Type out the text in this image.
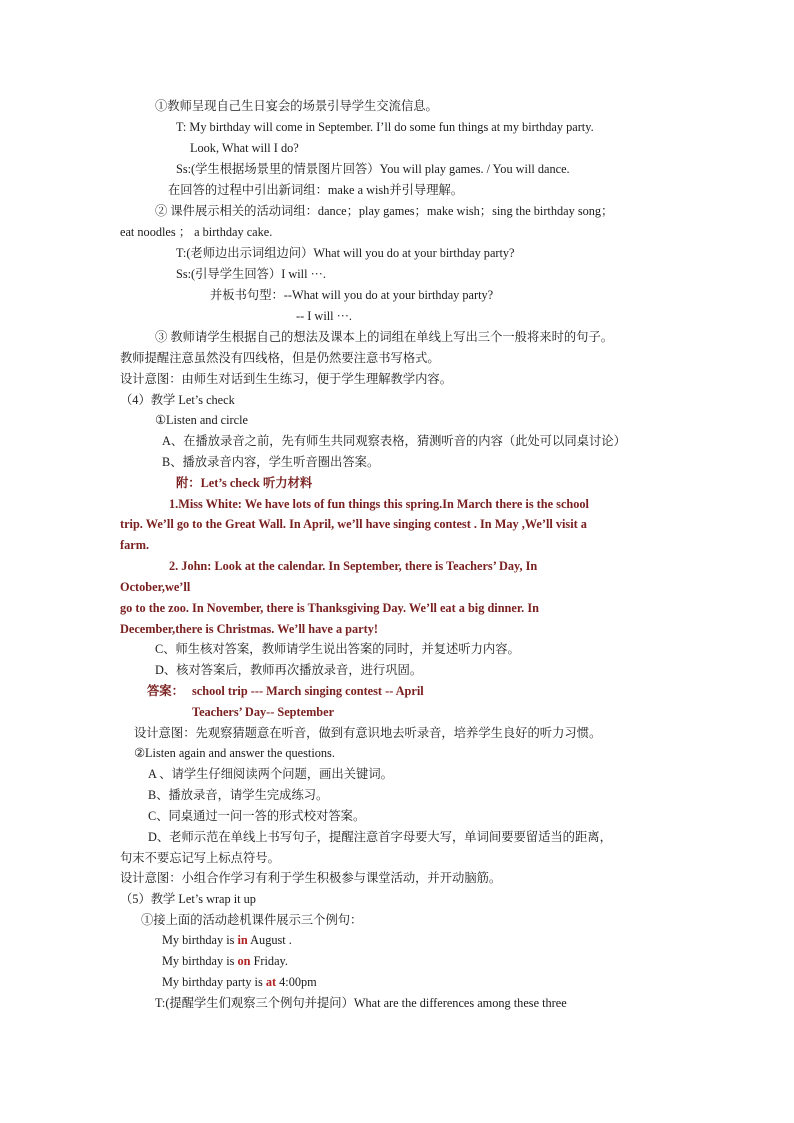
①教师呈现自己生日宴会的场景引导学生交流信息。
T: My birthday will come in September. I’ll do some fun things at my birthday party.
Look, What will I do?
Ss:(学生根据场景里的情景图片回答）You will play games. / You will dance.
在回答的过程中引出新词组：make a wish并引导理解。
② 课件展示相关的活动词组：dance；play games；make wish；sing the birthday song；
eat noodles ； a birthday cake.
T:(老师边出示词组边问）What will you do at your birthday party?
Ss:(引导学生回答）I will ···.
并板书句型：--What will you do at your birthday party?
-- I will ···.
③ 教师请学生根据自己的想法及课本上的词组在单线上写出三个一般将来时的句子。
教师提醒注意虽然没有四线格，但是仍然要注意书写格式。
设计意图：由师生对话到生生练习，便于学生理解教学内容。
（4）教学 Let’s check
①Listen and circle
A、在播放录音之前，先有师生共同观察表格，猜测听音的内容（此处可以同桌讨论）
B、播放录音内容，学生听音圈出答案。
附：Let’s check 听力材料
1.Miss White: We have lots of fun things this spring.In March there is the school
trip. We’ll go to the Great Wall. In April, we’ll have singing contest . In May ,We’ll visit a
farm.
2. John: Look at the calendar. In September, there is Teachers’ Day, In
October,we’ll
go to the zoo. In November, there is Thanksgiving Day. We’ll eat a big dinner. In
December,there is Christmas. We’ll have a party!
C、师生核对答案，教师请学生说出答案的同时，并复述听力内容。
D、核对答案后，教师再次播放录音，进行巩固。
答案： school trip --- March singing contest -- April
Teachers’ Day-- September
设计意图：先观察猜题意在听音，做到有意识地去听录音，培养学生良好的听力习惯。
②Listen again and answer the questions.
A 、请学生仔细阅读两个问题，画出关键词。
B、播放录音，请学生完成练习。
C、同桌通过一问一答的形式校对答案。
D、老师示范在单线上书写句子，提醒注意首字母要大写，单词间要要留适当的距离，
句末不要忘记写上标点符号。
设计意图：小组合作学习有利于学生积极参与课堂活动，并开动脑筋。
（5）教学 Let’s wrap it up
①接上面的活动趁机课件展示三个例句：
My birthday is in August .
My birthday is on Friday.
My birthday party is at 4:00pm
T:(提醒学生们观察三个例句并提问）What are the differences among these three
